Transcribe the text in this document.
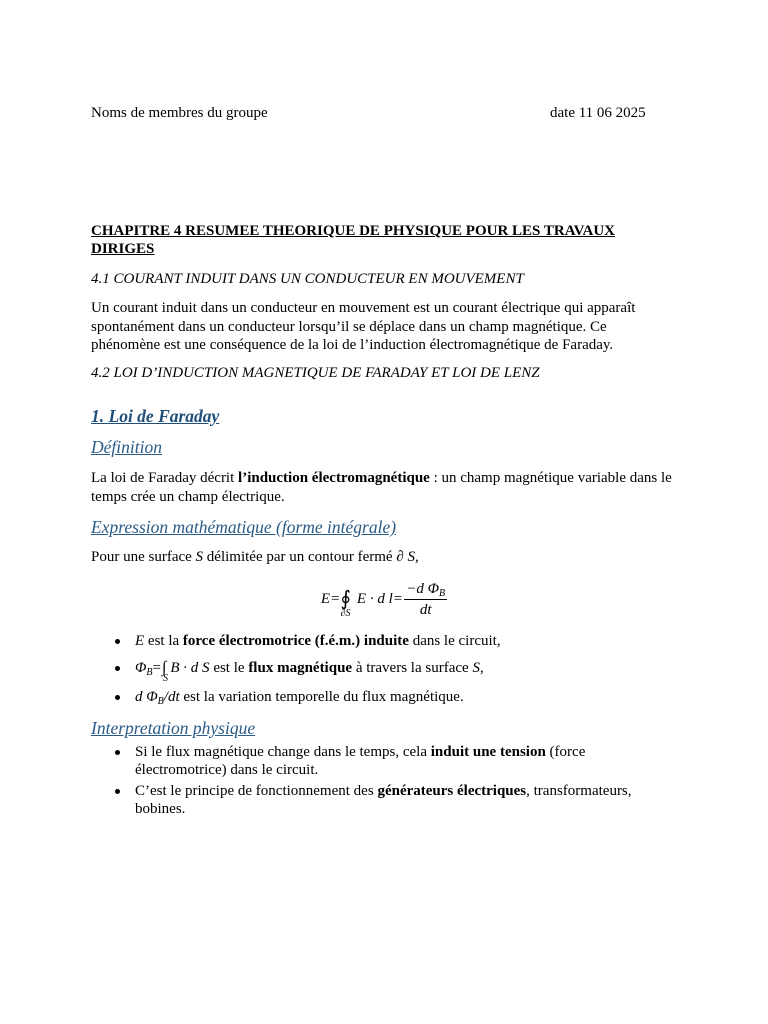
Noms de membres du groupe	date 11 06 2025
CHAPITRE 4 RESUMEE THEORIQUE DE PHYSIQUE POUR LES TRAVAUX DIRIGES
4.1 COURANT INDUIT DANS UN CONDUCTEUR EN MOUVEMENT
Un courant induit dans un conducteur en mouvement est un courant électrique qui apparaît spontanément dans un conducteur lorsqu’il se déplace dans un champ magnétique. Ce phénomène est une conséquence de la loi de l’induction électromagnétique de Faraday.
4.2 LOI D’INDUCTION MAGNETIQUE DE FARADAY ET LOI DE LENZ
1. Loi de Faraday
Définition
La loi de Faraday décrit l’induction électromagnétique : un champ magnétique variable dans le temps crée un champ électrique.
Expression mathématique (forme intégrale)
Pour une surface S délimitée par un contour fermé ∂ S,
E = ∮
∂S
E · d $l = \frac{-d \Phi_B}{dt}$
E est la force électromotrice (f.é.m.) induite dans le circuit,
$\Phi_B=\int$
S
B · d S est le flux magnétique à travers la surface S,
d $\Phi_B/dt$ est la variation temporelle du flux magnétique.
Interpretation physique
Si le flux magnétique change dans le temps, cela induit une tension (force électromotrice) dans le circuit.
C’est le principe de fonctionnement des générateurs électriques, transformateurs, bobines.
